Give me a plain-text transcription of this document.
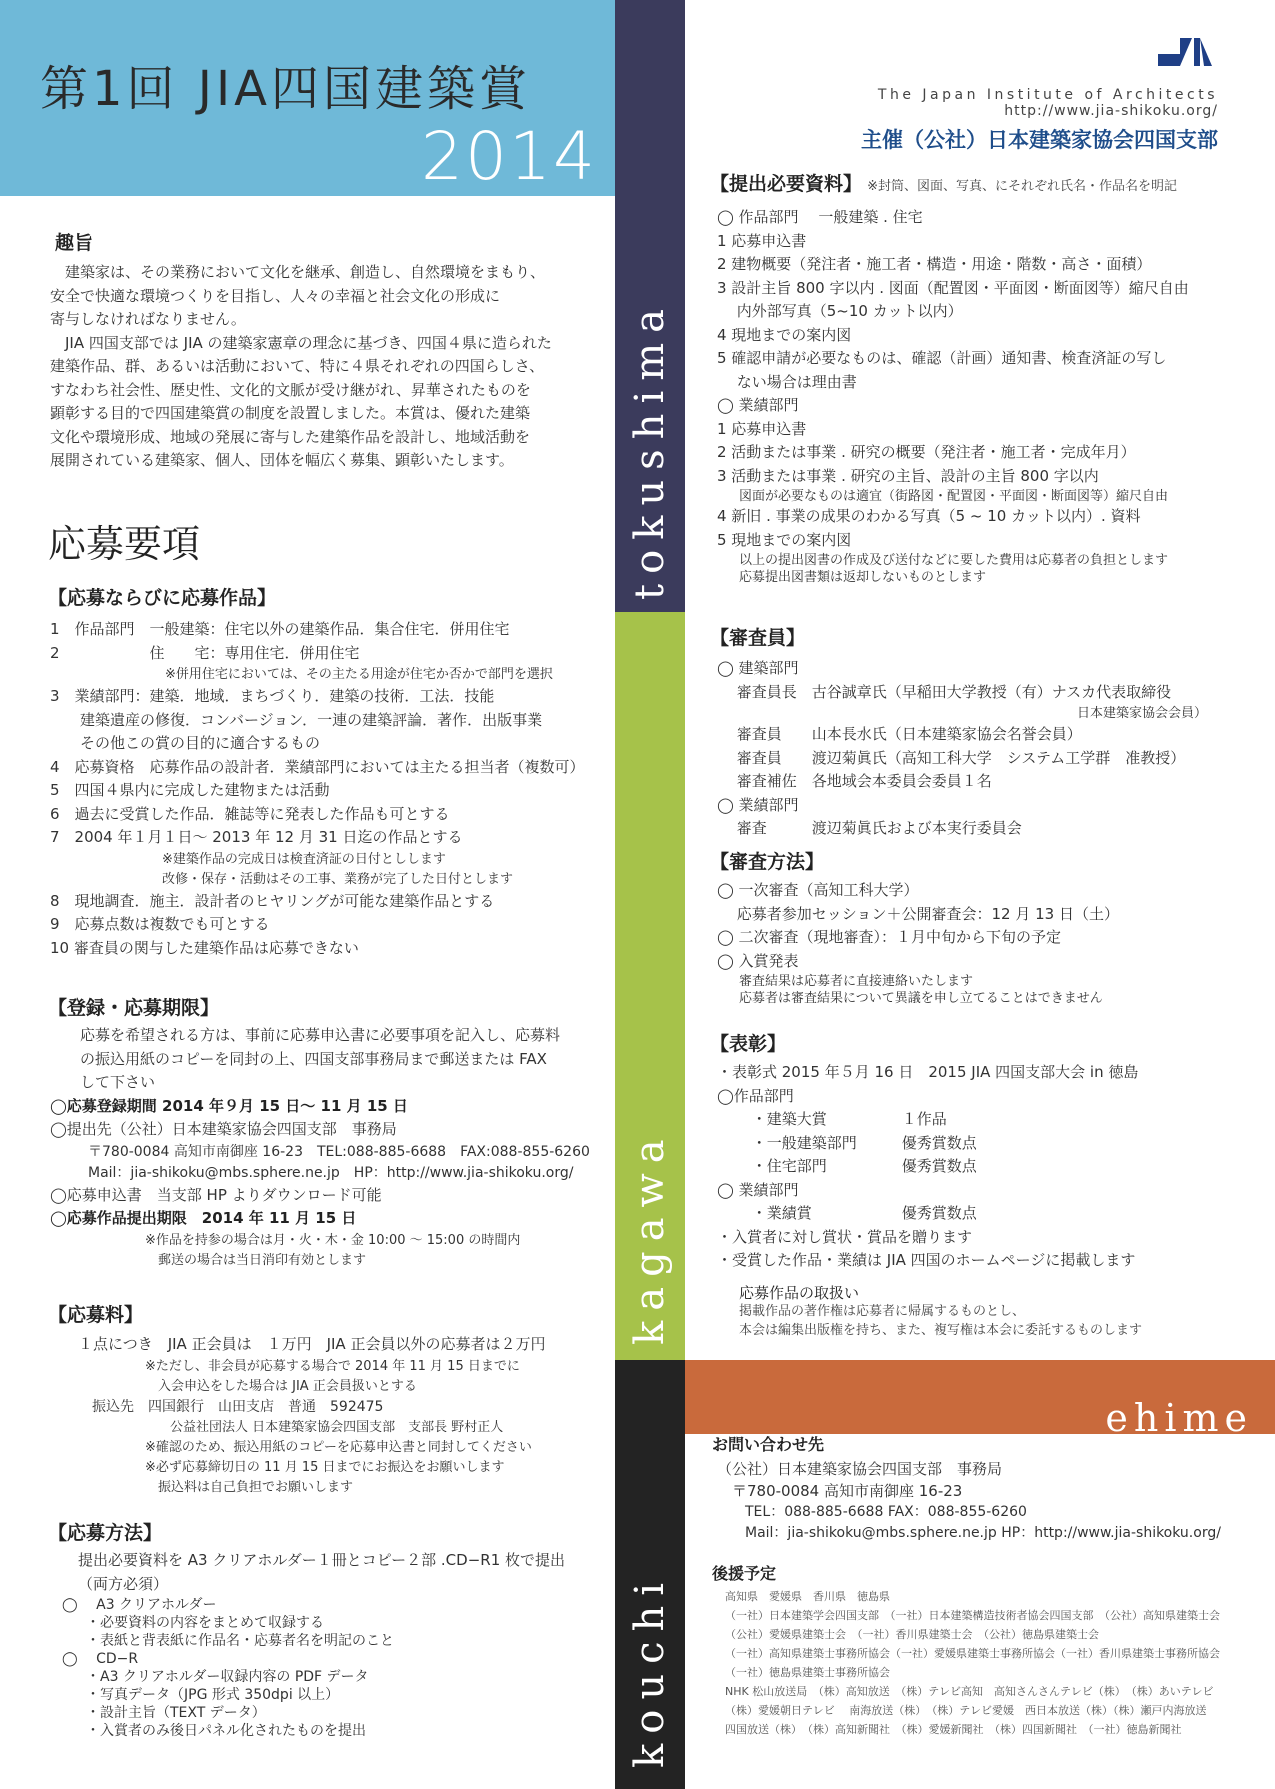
第1回 JIA四国建築賞
2014
tokushima
kagawa
kouchi
ehime
The Japan Institute of Architects
http://www.jia-shikoku.org/
主催（公社）日本建築家協会四国支部
趣旨
　建築家は、その業務において文化を継承、創造し、自然環境をまもり、
安全で快適な環境つくりを目指し、人々の幸福と社会文化の形成に
寄与しなければなりません。
　JIA 四国支部では JIA の建築家憲章の理念に基づき、四国４県に造られた
建築作品、群、あるいは活動において、特に４県それぞれの四国らしさ、
すなわち社会性、歴史性、文化的文脈が受け継がれ、昇華されたものを
顕彰する目的で四国建築賞の制度を設置しました。本賞は、優れた建築
文化や環境形成、地域の発展に寄与した建築作品を設計し、地域活動を
展開されている建築家、個人、団体を幅広く募集、顕彰いたします。
応募要項
【応募ならびに応募作品】
1　作品部門　一般建築：住宅以外の建築作品．集合住宅．併用住宅
2　　　　　　住　　宅：専用住宅．併用住宅
※併用住宅においては、その主たる用途が住宅か否かで部門を選択
3　業績部門：建築．地域．まちづくり．建築の技術．工法．技能
　　建築遺産の修復．コンバージョン．一連の建築評論．著作．出版事業
　　その他この賞の目的に適合するもの
4　応募資格　応募作品の設計者．業績部門においては主たる担当者（複数可）
5　四国４県内に完成した建物または活動
6　過去に受賞した作品．雑誌等に発表した作品も可とする
7　2004 年１月１日～ 2013 年 12 月 31 日迄の作品とする
※建築作品の完成日は検査済証の日付としします
改修・保存・活動はその工事、業務が完了した日付とします
8　現地調査．施主．設計者のヒヤリングが可能な建築作品とする
9　応募点数は複数でも可とする
10 審査員の関与した建築作品は応募できない
【登録・応募期限】
　　応募を希望される方は、事前に応募申込書に必要事項を記入し、応募料
　　の振込用紙のコピーを同封の上、四国支部事務局まで郵送または FAX
　　して下さい
◯応募登録期間 2014 年９月 15 日～ 11 月 15 日
◯提出先（公社）日本建築家協会四国支部　事務局
　　〒780-0084 高知市南御座 16-23　TEL:088-885-6688　FAX:088-855-6260
　　Mail：jia-shikoku@mbs.sphere.ne.jp　HP：http://www.jia-shikoku.org/
◯応募申込書　当支部 HP よりダウンロード可能
◯応募作品提出期限　2014 年 11 月 15 日
※作品を持参の場合は月・火・木・金 10:00 ～ 15:00 の時間内
郵送の場合は当日消印有効とします
【応募料】
１点につき　JIA 正会員は　１万円　JIA 正会員以外の応募者は２万円
※ただし、非会員が応募する場合で 2014 年 11 月 15 日までに
入会申込をした場合は JIA 正会員扱いとする
振込先　四国銀行　山田支店　普通　592475
公益社団法人 日本建築家協会四国支部　支部長 野村正人
※確認のため、振込用紙のコピーを応募申込書と同封してください
※必ず応募締切日の 11 月 15 日までにお振込をお願いします
振込料は自己負担でお願いします
【応募方法】
提出必要資料を A3 クリアホルダー１冊とコピー２部 .CD−R1 枚で提出
（両方必須）
◯　 A3 クリアホルダー
・必要資料の内容をまとめて収録する
・表紙と背表紙に作品名・応募者名を明記のこと
◯　 CD−R
・A3 クリアホルダー収録内容の PDF データ
・写真データ（JPG 形式 350dpi 以上）
・設計主旨（TEXT データ）
・入賞者のみ後日パネル化されたものを提出
【提出必要資料】 ※封筒、図面、写真、にそれぞれ氏名・作品名を明記
◯ 作品部門　 一般建築 . 住宅
1 応募申込書
2 建物概要（発注者・施工者・構造・用途・階数・高さ・面積）
3 設計主旨 800 字以内 . 図面（配置図・平面図・断面図等）縮尺自由
　 内外部写真（5~10 カット以内）
4 現地までの案内図
5 確認申請が必要なものは、確認（計画）通知書、検査済証の写し
　 ない場合は理由書
◯ 業績部門
1 応募申込書
2 活動または事業 . 研究の概要（発注者・施工者・完成年月）
3 活動または事業 . 研究の主旨、設計の主旨 800 字以内
図面が必要なものは適宜（街路図・配置図・平面図・断面図等）縮尺自由
4 新旧 . 事業の成果のわかる写真（5 ~ 10 カット以内）. 資料
5 現地までの案内図
以上の提出図書の作成及び送付などに要した費用は応募者の負担とします
応募提出図書類は返却しないものとします
【審査員】
◯ 建築部門
　 審査員長　古谷誠章氏（早稲田大学教授（有）ナスカ代表取締役
日本建築家協会会員）
　 審査員　　山本長水氏（日本建築家協会名誉会員）
　 審査員　　渡辺菊眞氏（高知工科大学　システム工学群　准教授）
　 審査補佐　各地域会本委員会委員１名
◯ 業績部門
　 審査　　　渡辺菊眞氏および本実行委員会
【審査方法】
◯ 一次審査（高知工科大学）
　 応募者参加セッション＋公開審査会：12 月 13 日（土）
◯ 二次審査（現地審査）：１月中旬から下旬の予定
◯ 入賞発表
審査結果は応募者に直接連絡いたします
応募者は審査結果について異議を申し立てることはできません
【表彰】
・表彰式 2015 年５月 16 日　2015 JIA 四国支部大会 in 徳島
◯作品部門
　　 ・建築大賞　　　　　１作品
　　 ・一般建築部門　　　優秀賞数点
　　 ・住宅部門　　　　　優秀賞数点
◯ 業績部門
　　 ・業績賞　　　　　　優秀賞数点
・入賞者に対し賞状・賞品を贈ります
・受賞した作品・業績は JIA 四国のホームページに掲載します
応募作品の取扱い
掲載作品の著作権は応募者に帰属するものとし、
本会は編集出版権を持ち、また、複写権は本会に委託するものします
お問い合わせ先
（公社）日本建築家協会四国支部　事務局
　〒780-0084 高知市南御座 16-23
　　TEL：088-885-6688 FAX：088-855-6260
　　Mail：jia-shikoku@mbs.sphere.ne.jp HP：http://www.jia-shikoku.org/
後援予定
高知県　愛媛県　香川県　徳島県
（一社）日本建築学会四国支部　（一社）日本建築構造技術者協会四国支部　（公社）高知県建築士会
（公社）愛媛県建築士会　（一社）香川県建築士会　（公社）徳島県建築士会
（一社）高知県建築士事務所協会（一社）愛媛県建築士事務所協会（一社）香川県建築士事務所協会
（一社）徳島県建築士事務所協会
NHK 松山放送局　（株）高知放送　（株）テレビ高知　高知さんさんテレビ（株）　（株）あいテレビ
（株）愛媛朝日テレビ　 南海放送（株）　（株）テレビ愛媛　西日本放送（株）（株）瀬戸内海放送
四国放送（株）　（株）高知新聞社　（株）愛媛新聞社　（株）四国新聞社　（一社）徳島新聞社
